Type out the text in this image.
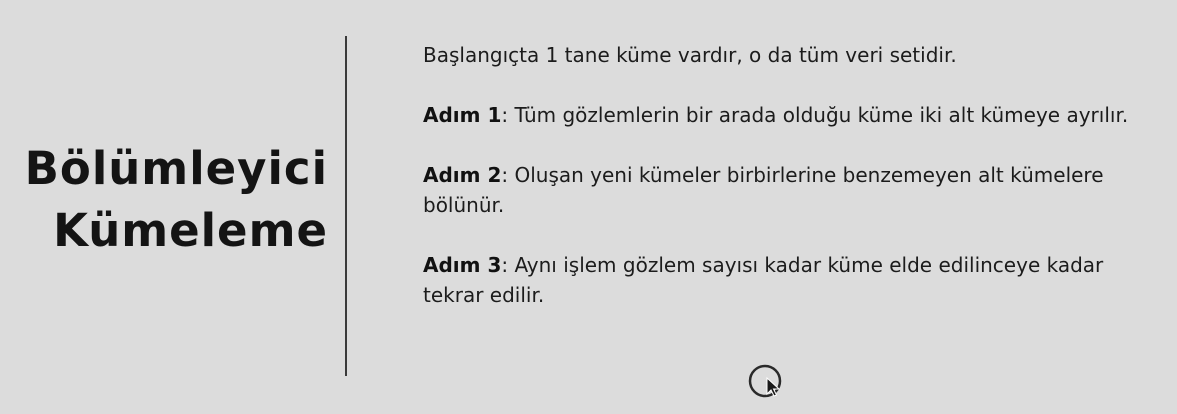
Bölümleyici
Kümeleme

Başlangıçta 1 tane küme vardır, o da tüm veri setidir.

Adım 1: Tüm gözlemlerin bir arada olduğu küme iki alt kümeye ayrılır.

Adım 2: Oluşan yeni kümeler birbirlerine benzemeyen alt kümelere bölünür.

Adım 3: Aynı işlem gözlem sayısı kadar küme elde edilinceye kadar tekrar edilir.
